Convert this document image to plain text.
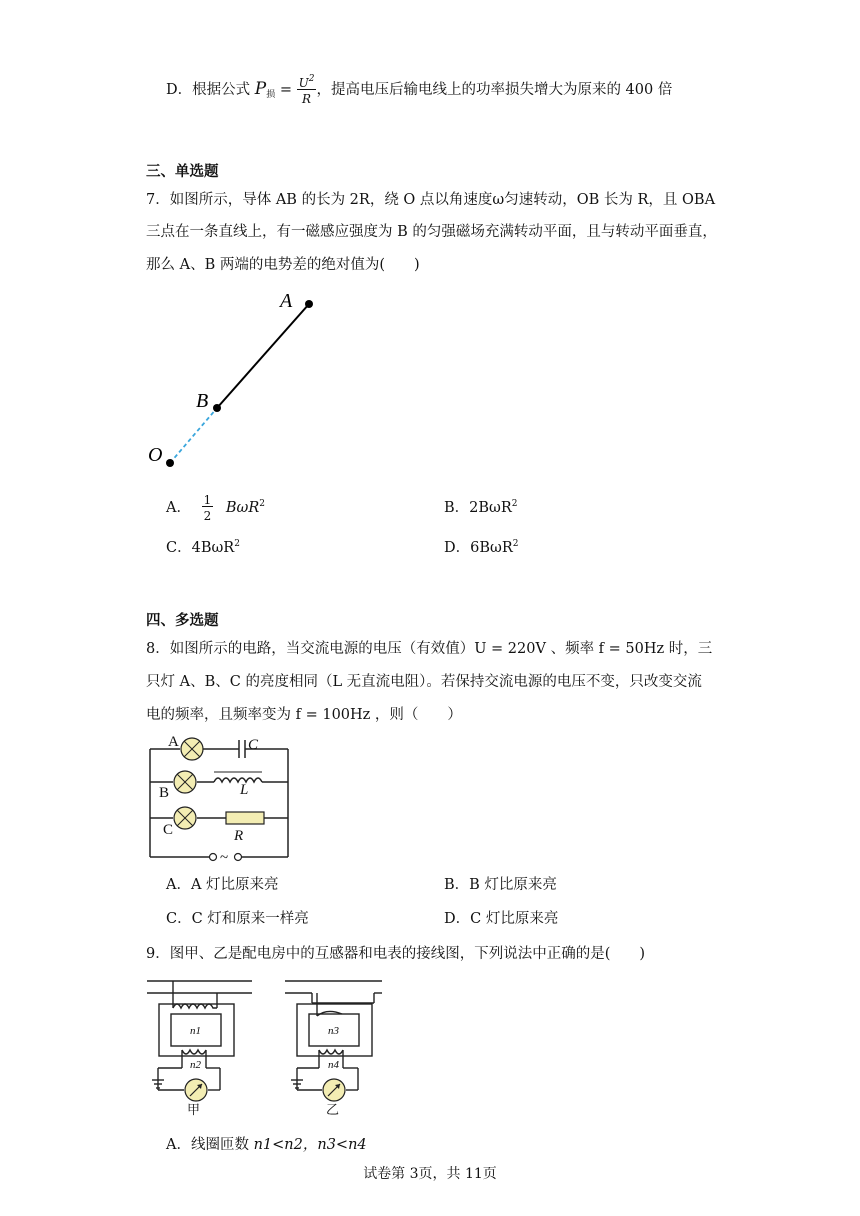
D．根据公式 $P_损 = \frac{U^2}{R}$ ，提高电压后输电线上的功率损失增大为原来的 400 倍
三、单选题
7．如图所示，导体 AB 的长为 2R，绕 O 点以角速度ω匀速转动，OB 长为 R，且 OBA
三点在一条直线上，有一磁感应强度为 B 的匀强磁场充满转动平面，且与转动平面垂直，
那么 A、B 两端的电势差的绝对值为(　　)
A
B
O
A． $\frac{1}{2} B\omega R^2$	B．2BωR$^2$
C．4BωR$^2$	D．6BωR$^2$
四、多选题
8．如图所示的电路，当交流电源的电压（有效值）U = 220V 、频率 f = 50Hz 时，三
只灯 A、B、C 的亮度相同（L 无直流电阻）。若保持交流电源的电压不变，只改变交流
电的频率，且频率变为 f = 100Hz ，则（　　）
A
B
C
C
L
R
~
A．A 灯比原来亮	B．B 灯比原来亮
C．C 灯和原来一样亮	D．C 灯比原来亮
9．图甲、乙是配电房中的互感器和电表的接线图，下列说法中正确的是(　　)
n1
n2
n3
n4
甲	乙
A．线圈匝数 n1<n2，n3<n4
试卷第 3页，共 11页
